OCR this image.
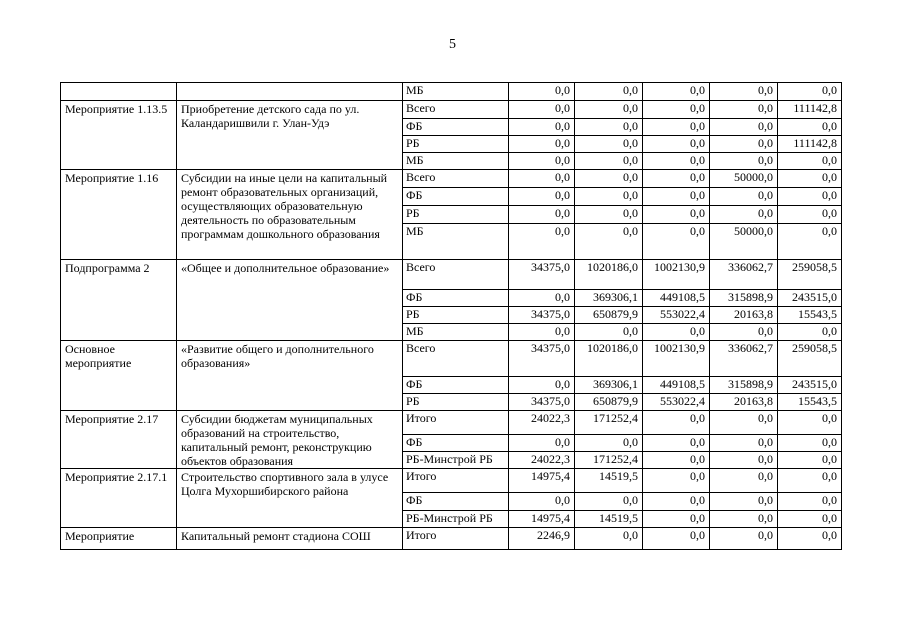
5
		МБ	0,0	0,0	0,0	0,0	0,0
Мероприятие 1.13.5	Приобретение детского сада по ул. Каландаришвили г. Улан-Удэ	Всего	0,0	0,0	0,0	0,0	111142,8
		ФБ	0,0	0,0	0,0	0,0	0,0
		РБ	0,0	0,0	0,0	0,0	111142,8
		МБ	0,0	0,0	0,0	0,0	0,0
Мероприятие 1.16	Субсидии на иные цели на капитальный ремонт образовательных организаций, осуществляющих образовательную деятельность по образовательным программам дошкольного образования	Всего	0,0	0,0	0,0	50000,0	0,0
		ФБ	0,0	0,0	0,0	0,0	0,0
		РБ	0,0	0,0	0,0	0,0	0,0
		МБ	0,0	0,0	0,0	50000,0	0,0
Подпрограмма 2	«Общее и дополнительное образование»	Всего	34375,0	1020186,0	1002130,9	336062,7	259058,5
		ФБ	0,0	369306,1	449108,5	315898,9	243515,0
		РБ	34375,0	650879,9	553022,4	20163,8	15543,5
		МБ	0,0	0,0	0,0	0,0	0,0
Основное мероприятие	«Развитие общего и дополнительного образования»	Всего	34375,0	1020186,0	1002130,9	336062,7	259058,5
		ФБ	0,0	369306,1	449108,5	315898,9	243515,0
		РБ	34375,0	650879,9	553022,4	20163,8	15543,5
Мероприятие 2.17	Субсидии бюджетам муниципальных образований на строительство, капитальный ремонт, реконструкцию объектов образования	Итого	24022,3	171252,4	0,0	0,0	0,0
		ФБ	0,0	0,0	0,0	0,0	0,0
		РБ-Минстрой РБ	24022,3	171252,4	0,0	0,0	0,0
Мероприятие 2.17.1	Строительство спортивного зала в улусе Цолга Мухоршибирского района	Итого	14975,4	14519,5	0,0	0,0	0,0
		ФБ	0,0	0,0	0,0	0,0	0,0
		РБ-Минстрой РБ	14975,4	14519,5	0,0	0,0	0,0
Мероприятие	Капитальный ремонт стадиона СОШ	Итого	2246,9	0,0	0,0	0,0	0,0
